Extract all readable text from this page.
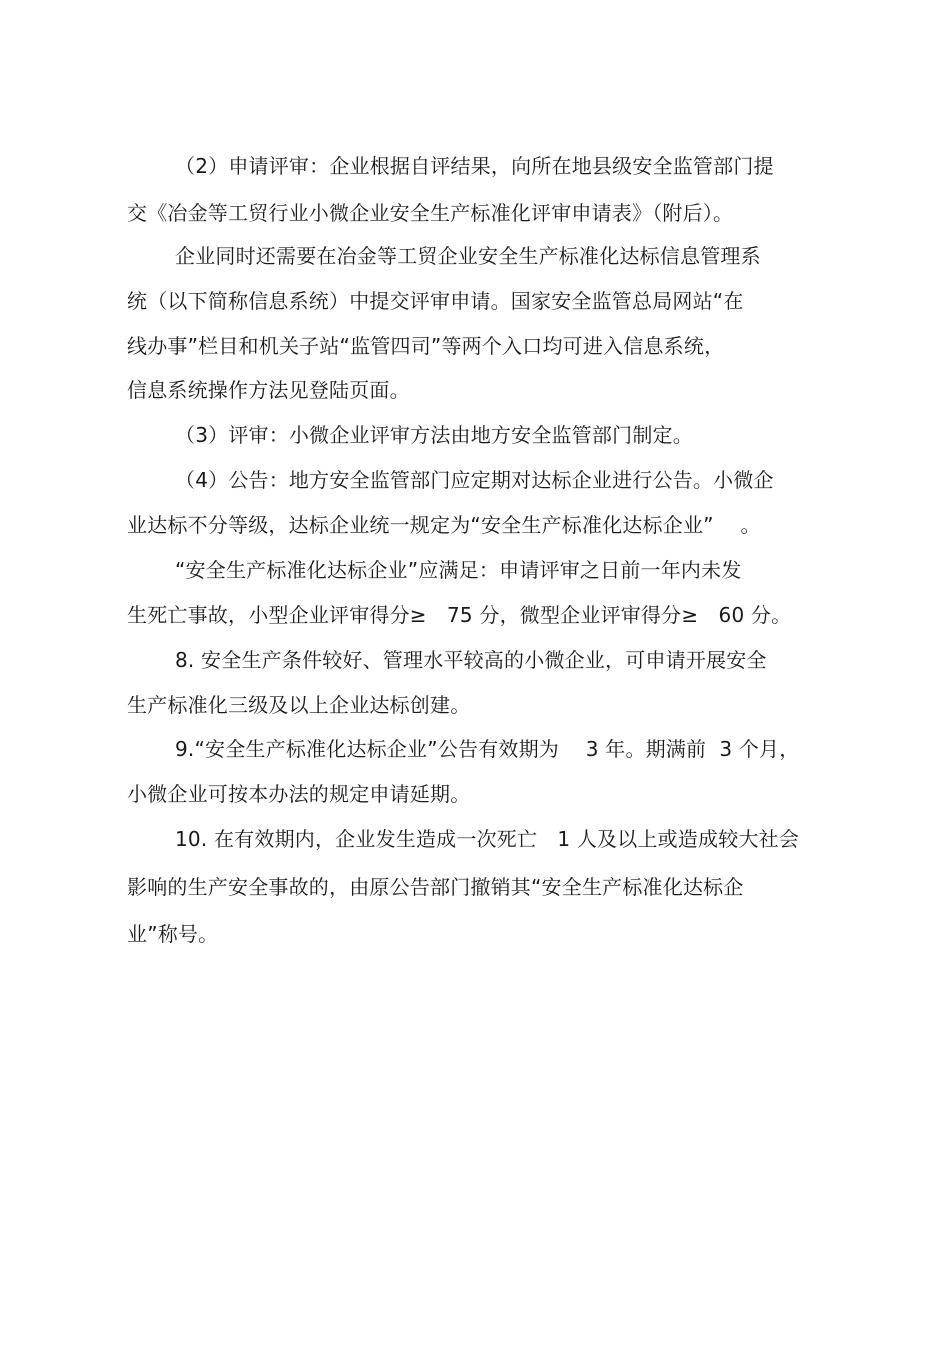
（2）申请评审：企业根据自评结果，向所在地县级安全监管部门提
交《冶金等工贸行业小微企业安全生产标准化评审申请表》（附后）。
企业同时还需要在冶金等工贸企业安全生产标准化达标信息管理系
统（以下简称信息系统）中提交评审申请。国家安全监管总局网站“在
线办事”栏目和机关子站“监管四司”等两个入口均可进入信息系统，
信息系统操作方法见登陆页面。
（3）评审：小微企业评审方法由地方安全监管部门制定。
（4）公告：地方安全监管部门应定期对达标企业进行公告。小微企
业达标不分等级，达标企业统一规定为“安全生产标准化达标企业”　 。
“安全生产标准化达标企业”应满足：申请评审之日前一年内未发
生死亡事故，小型企业评审得分≥　75 分，微型企业评审得分≥　60 分。
8. 安全生产条件较好、管理水平较高的小微企业，可申请开展安全
生产标准化三级及以上企业达标创建。
9.“安全生产标准化达标企业”公告有效期为　 3 年。期满前  3 个月，
小微企业可按本办法的规定申请延期。
10. 在有效期内，企业发生造成一次死亡　1 人及以上或造成较大社会
影响的生产安全事故的，由原公告部门撤销其“安全生产标准化达标企
业”称号。
